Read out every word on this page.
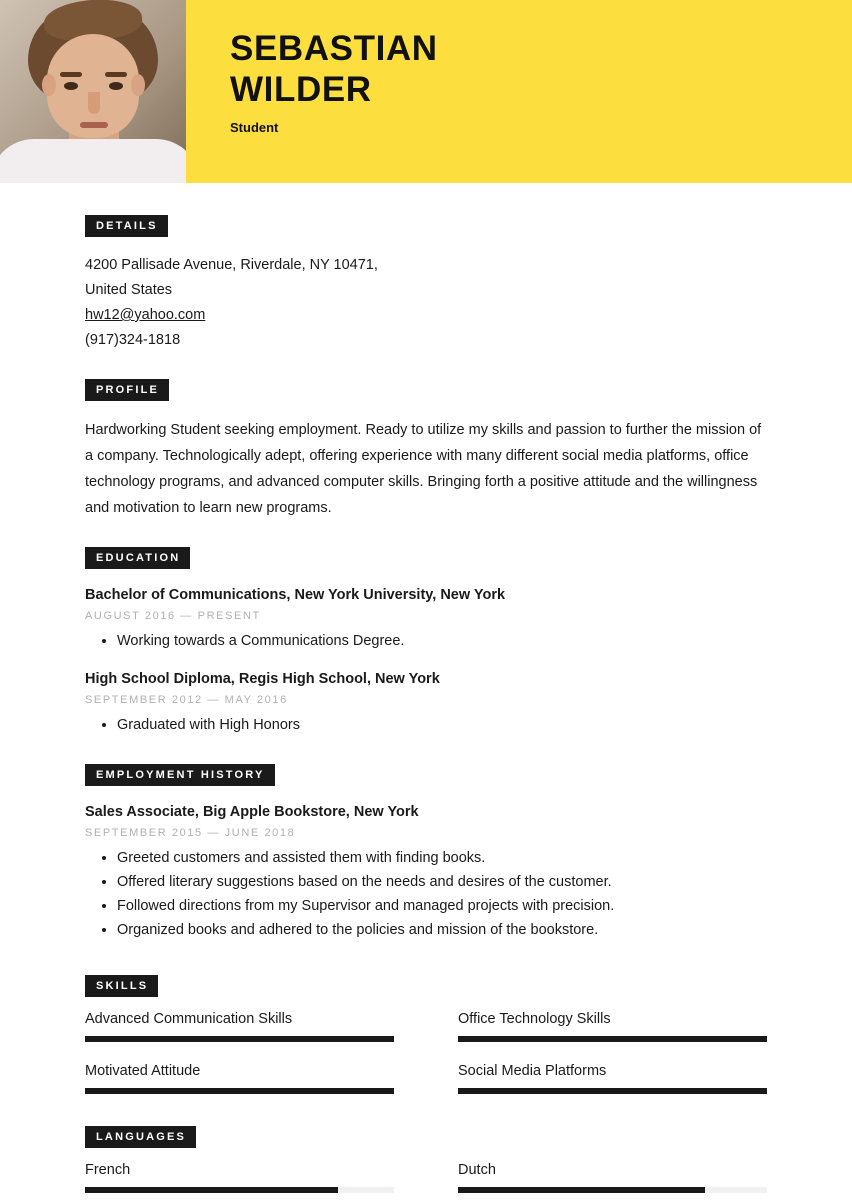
SEBASTIAN
WILDER
Student
DETAILS
4200 Pallisade Avenue, Riverdale, NY 10471,
United States
hw12@yahoo.com
(917)324-1818
PROFILE
Hardworking Student seeking employment. Ready to utilize my skills and passion to further the mission of a company. Technologically adept, offering experience with many different social media platforms, office technology programs, and advanced computer skills. Bringing forth a positive attitude and the willingness and motivation to learn new programs.
EDUCATION
Bachelor of Communications, New York University, New York
AUGUST 2016 — PRESENT
• Working towards a Communications Degree.
High School Diploma, Regis High School, New York
SEPTEMBER 2012 — MAY 2016
• Graduated with High Honors
EMPLOYMENT HISTORY
Sales Associate, Big Apple Bookstore, New York
SEPTEMBER 2015 — JUNE 2018
• Greeted customers and assisted them with finding books.
• Offered literary suggestions based on the needs and desires of the customer.
• Followed directions from my Supervisor and managed projects with precision.
• Organized books and adhered to the policies and mission of the bookstore.
SKILLS
Advanced Communication Skills
Motivated Attitude
Office Technology Skills
Social Media Platforms
LANGUAGES
French	Dutch
